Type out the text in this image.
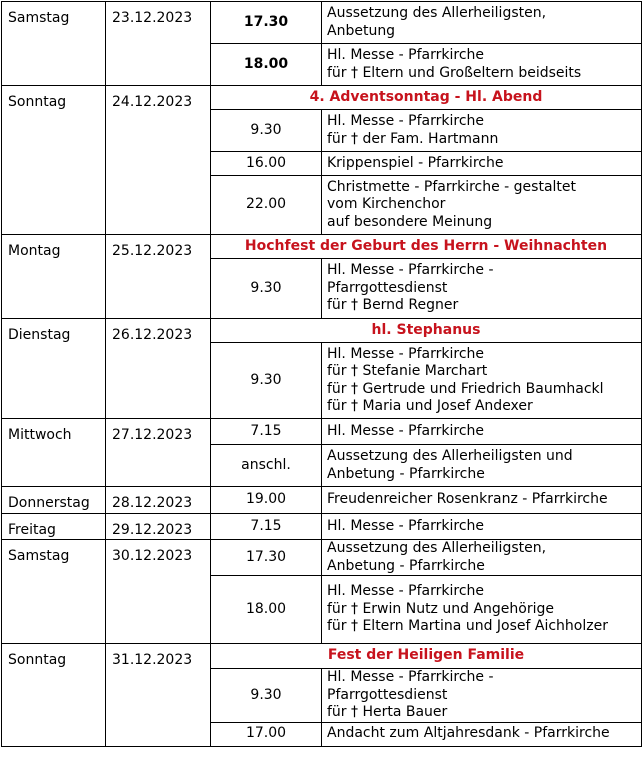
Samstag	23.12.2023	17.30	Aussetzung des Allerheiligsten,
Anbetung

		18.00	Hl. Messe - Pfarrkirche
für † Eltern und Großeltern beidseits

Sonntag	24.12.2023	4. Adventsonntag - Hl. Abend	
		9.30	Hl. Messe - Pfarrkirche
für † der Fam. Hartmann

		16.00	Krippenspiel - Pfarrkirche

		22.00	Christmette - Pfarrkirche - gestaltet
vom Kirchenchor
auf besondere Meinung

Montag	25.12.2023	Hochfest der Geburt des Herrn - Weihnachten	
		9.30	Hl. Messe - Pfarrkirche -
Pfarrgottesdienst
für † Bernd Regner

Dienstag	26.12.2023	hl. Stephanus	
		9.30	Hl. Messe - Pfarrkirche
für † Stefanie Marchart
für † Gertrude und Friedrich Baumhackl
für † Maria und Josef Andexer

Mittwoch	27.12.2023	7.15	Hl. Messe - Pfarrkirche

		anschl.	Aussetzung des Allerheiligsten und
Anbetung - Pfarrkirche

Donnerstag	28.12.2023	19.00	Freudenreicher Rosenkranz - Pfarrkirche

Freitag	29.12.2023	7.15	Hl. Messe - Pfarrkirche

Samstag	30.12.2023	17.30	Aussetzung des Allerheiligsten,
Anbetung - Pfarrkirche

		18.00	Hl. Messe - Pfarrkirche
für † Erwin Nutz und Angehörige
für † Eltern Martina und Josef Aichholzer

Sonntag	31.12.2023	Fest der Heiligen Familie	
		9.30	Hl. Messe - Pfarrkirche -
Pfarrgottesdienst
für † Herta Bauer

		17.00	Andacht zum Altjahresdank - Pfarrkirche
